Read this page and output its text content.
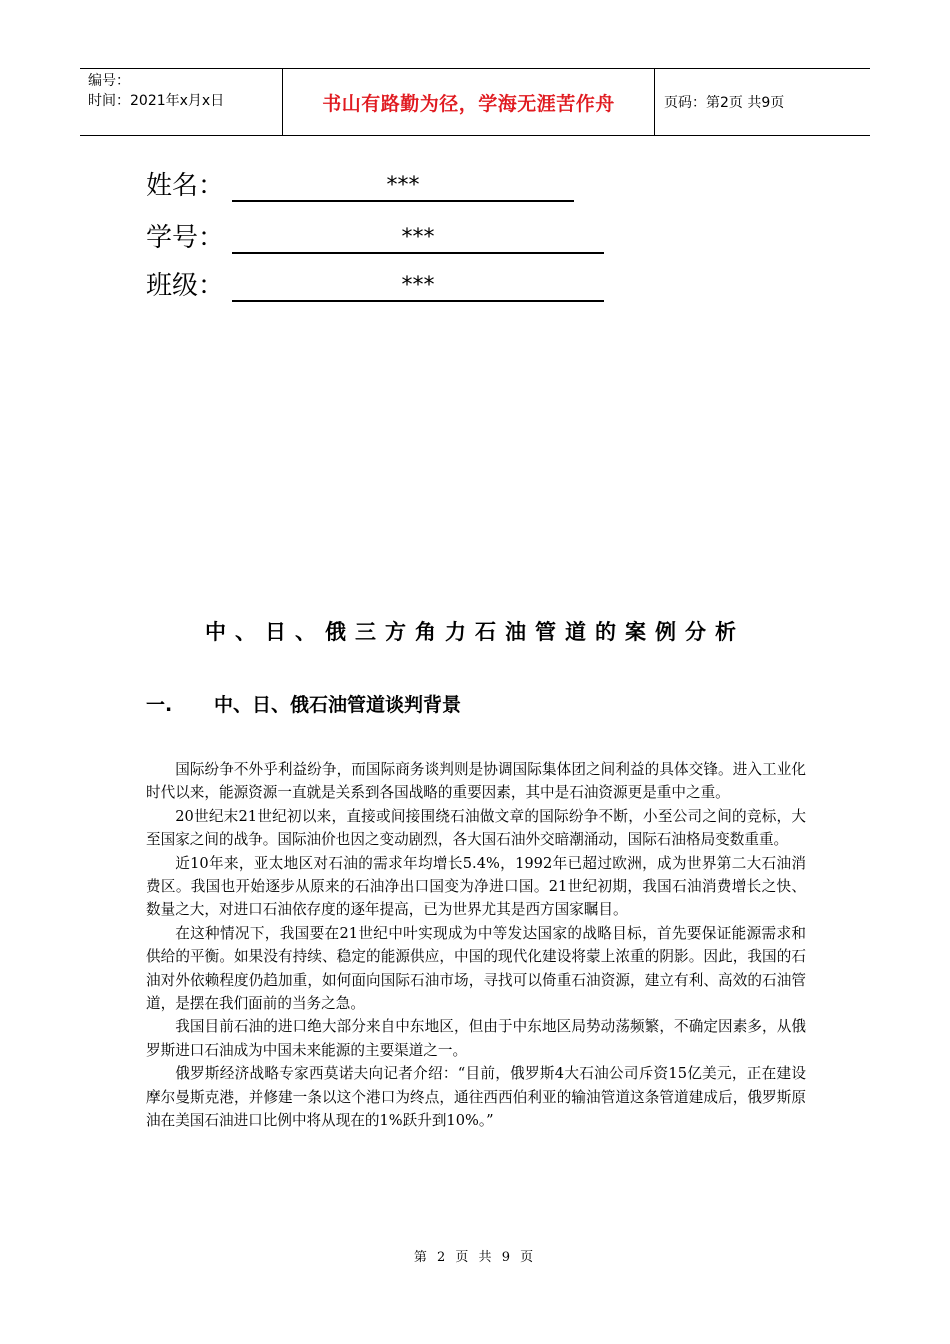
编号：
时间：2021年x月x日	书山有路勤为径，学海无涯苦作舟	页码：第2页 共9页
姓名：	***
学号：	***
班级：	***
中、日、俄三方角力石油管道的案例分析
一.	中、日、俄石油管道谈判背景

国际纷争不外乎利益纷争，而国际商务谈判则是协调国际集体团之间利益的具体交锋。进入工业化时代以来，能源资源一直就是关系到各国战略的重要因素，其中是石油资源更是重中之重。

20世纪末21世纪初以来，直接或间接围绕石油做文章的国际纷争不断，小至公司之间的竞标，大至国家之间的战争。国际油价也因之变动剧烈，各大国石油外交暗潮涌动，国际石油格局变数重重。

近10年来，亚太地区对石油的需求年均增长5.4%，1992年已超过欧洲，成为世界第二大石油消费区。我国也开始逐步从原来的石油净出口国变为净进口国。21世纪初期，我国石油消费增长之快、数量之大，对进口石油依存度的逐年提高，已为世界尤其是西方国家瞩目。

在这种情况下，我国要在21世纪中叶实现成为中等发达国家的战略目标，首先要保证能源需求和供给的平衡。如果没有持续、稳定的能源供应，中国的现代化建设将蒙上浓重的阴影。因此，我国的石油对外依赖程度仍趋加重，如何面向国际石油市场，寻找可以倚重石油资源，建立有利、高效的石油管道，是摆在我们面前的当务之急。

我国目前石油的进口绝大部分来自中东地区，但由于中东地区局势动荡频繁，不确定因素多，从俄罗斯进口石油成为中国未来能源的主要渠道之一。

俄罗斯经济战略专家西莫诺夫向记者介绍：“目前，俄罗斯4大石油公司斥资15亿美元，正在建设摩尔曼斯克港，并修建一条以这个港口为终点，通往西西伯利亚的输油管道这条管道建成后，俄罗斯原油在美国石油进口比例中将从现在的1%跃升到10%。”

第 2 页 共 9 页
